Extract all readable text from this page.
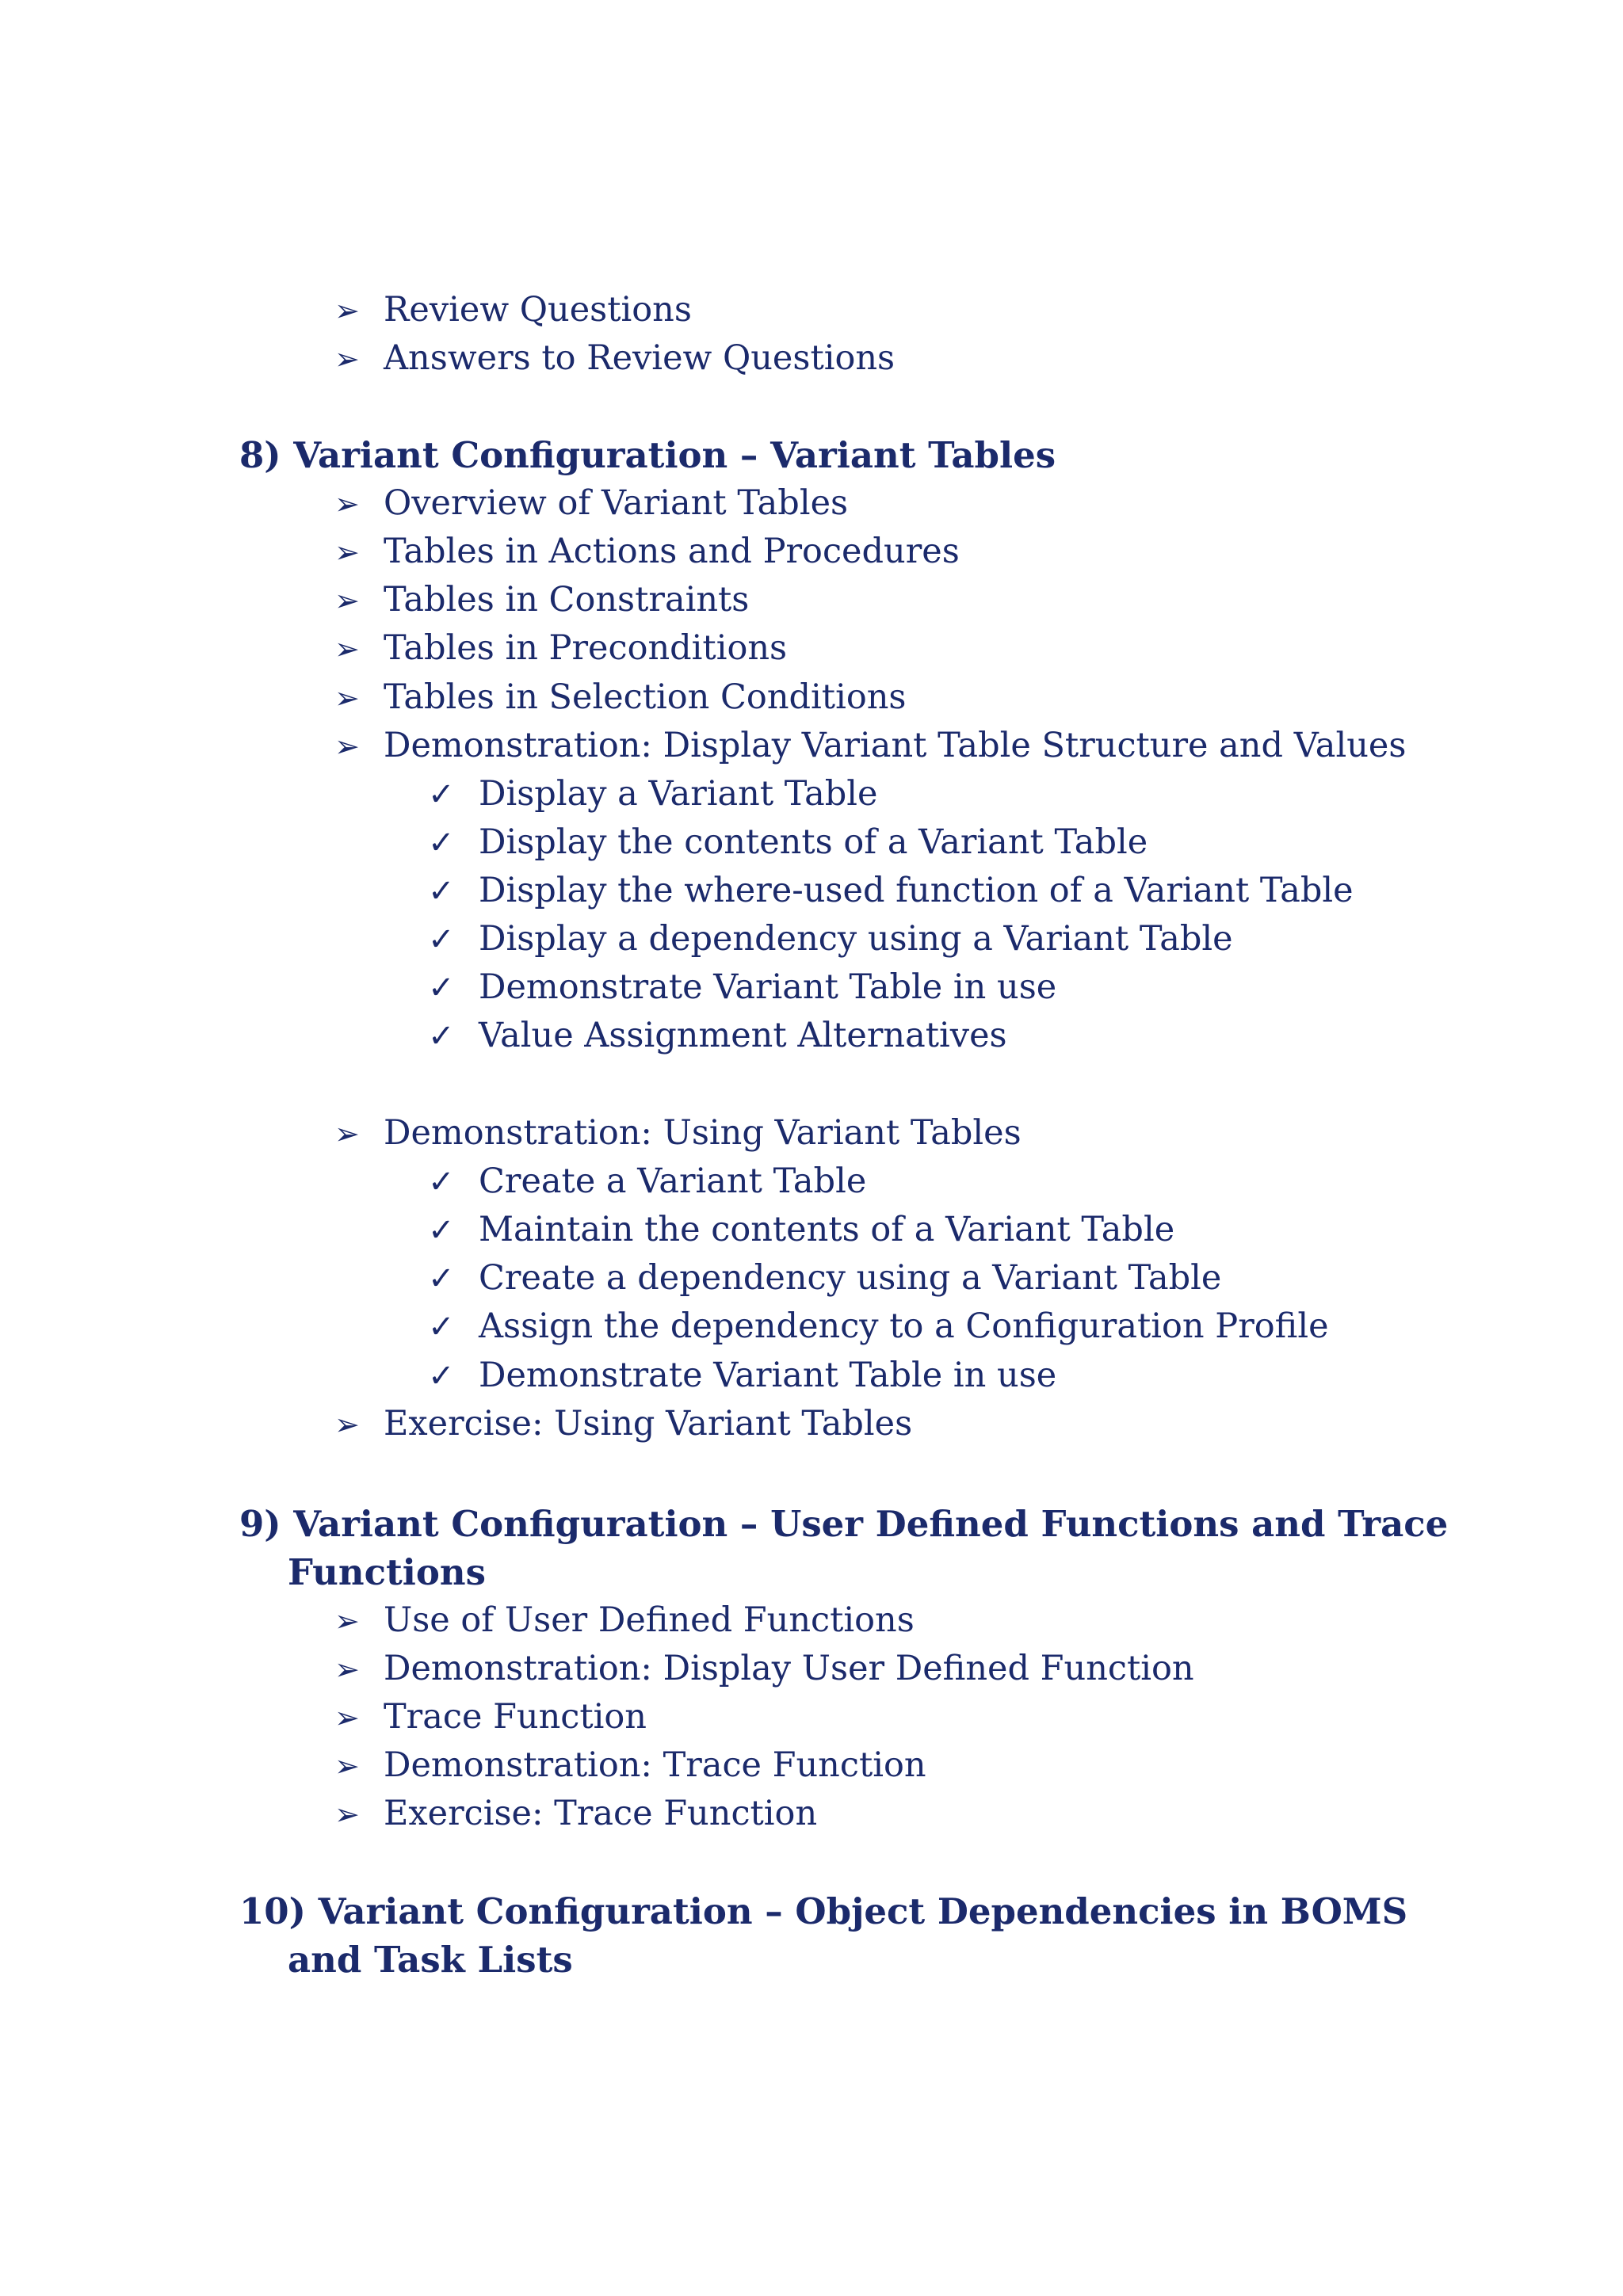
➢ Review Questions
➢ Answers to Review Questions
8) Variant Configuration – Variant Tables
➢ Overview of Variant Tables
➢ Tables in Actions and Procedures
➢ Tables in Constraints
➢ Tables in Preconditions
➢ Tables in Selection Conditions
➢ Demonstration: Display Variant Table Structure and Values
✓ Display a Variant Table
✓ Display the contents of a Variant Table
✓ Display the where-used function of a Variant Table
✓ Display a dependency using a Variant Table
✓ Demonstrate Variant Table in use
✓ Value Assignment Alternatives
➢ Demonstration: Using Variant Tables
✓ Create a Variant Table
✓ Maintain the contents of a Variant Table
✓ Create a dependency using a Variant Table
✓ Assign the dependency to a Configuration Profile
✓ Demonstrate Variant Table in use
➢ Exercise: Using Variant Tables
9) Variant Configuration – User Defined Functions and Trace
Functions
➢ Use of User Defined Functions
➢ Demonstration: Display User Defined Function
➢ Trace Function
➢ Demonstration: Trace Function
➢ Exercise: Trace Function
10) Variant Configuration – Object Dependencies in BOMS
and Task Lists
